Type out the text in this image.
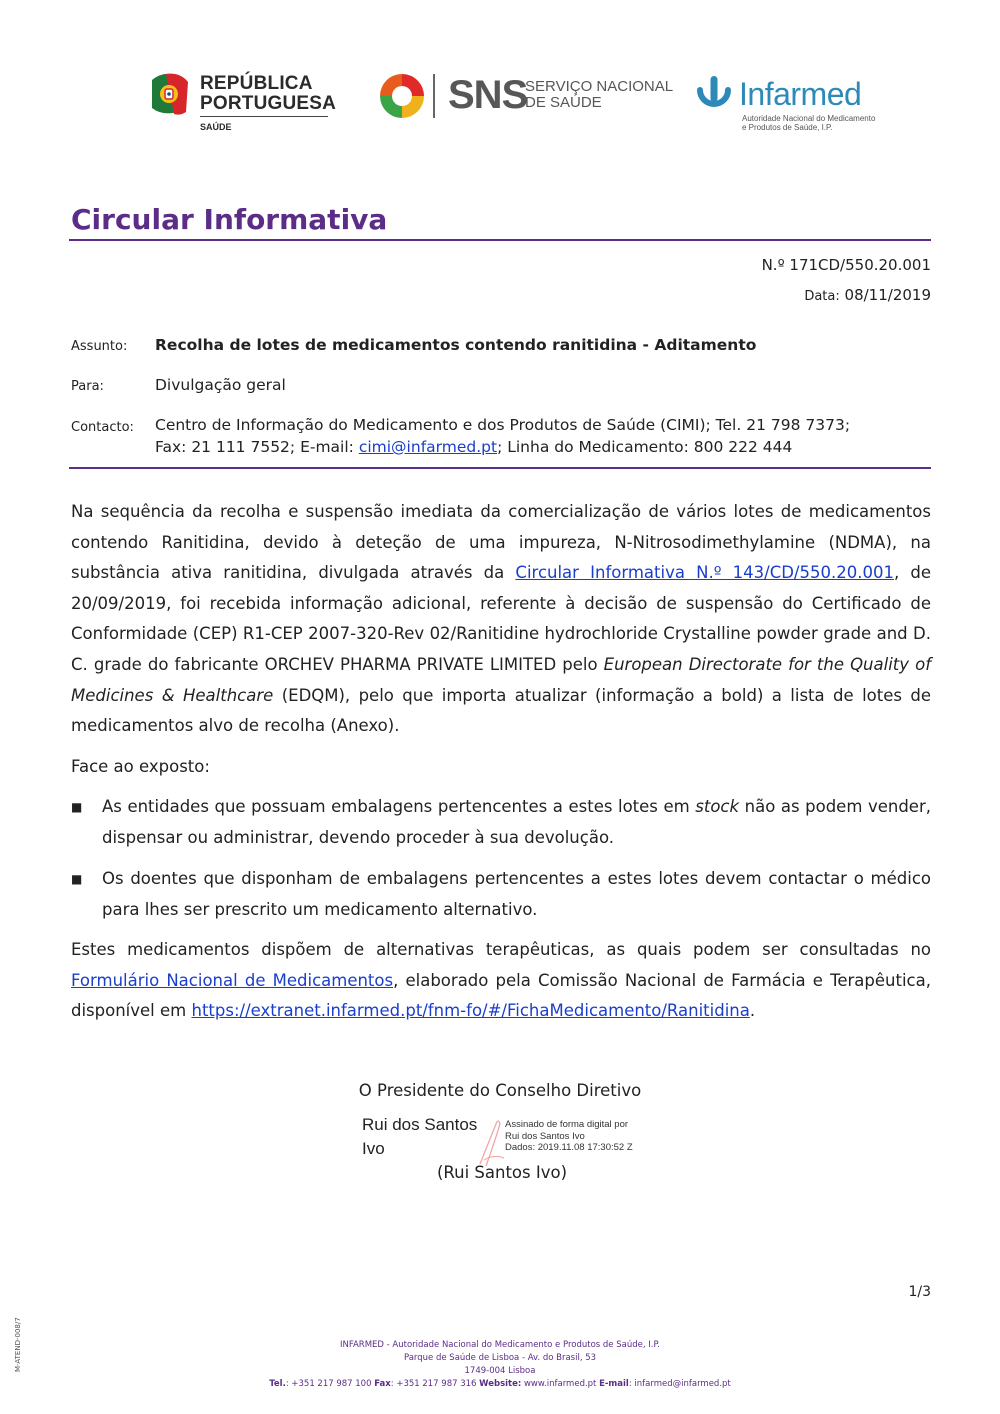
REPÚBLICA
PORTUGUESA
SAÚDE
SNS
SERVIÇO NACIONAL
DE SAÚDE	Infarmed
Autoridade Nacional do Medicamento
e Produtos de Saúde, I.P.
Circular Informativa
N.º 171CD/550.20.001
Data: 08/11/2019
Assunto: Recolha de lotes de medicamentos contendo ranitidina - Aditamento
Para:	Divulgação geral
Contacto: Centro de Informação do Medicamento e dos Produtos de Saúde (CIMI); Tel. 21 798 7373;
Fax: 21 111 7552; E-mail: cimi@infarmed.pt; Linha do Medicamento: 800 222 444
Na sequência da recolha e suspensão imediata da comercialização de vários lotes de medicamentos contendo Ranitidina, devido à deteção de uma impureza, N-Nitrosodimethylamine (NDMA), na substância ativa ranitidina, divulgada através da Circular Informativa N.º 143/CD/550.20.001, de 20/09/2019, foi recebida informação adicional, referente à decisão de suspensão do Certificado de Conformidade (CEP) R1-CEP 2007-320-Rev 02/Ranitidine hydrochloride Crystalline powder grade and D. C. grade do fabricante ORCHEV PHARMA PRIVATE LIMITED pelo European Directorate for the Quality of Medicines & Healthcare (EDQM), pelo que importa atualizar (informação a bold) a lista de lotes de medicamentos alvo de recolha (Anexo).
Face ao exposto:
■ As entidades que possuam embalagens pertencentes a estes lotes em stock não as podem vender, dispensar ou administrar, devendo proceder à sua devolução.
■ Os doentes que disponham de embalagens pertencentes a estes lotes devem contactar o médico para lhes ser prescrito um medicamento alternativo.
Estes medicamentos dispõem de alternativas terapêuticas, as quais podem ser consultadas no Formulário Nacional de Medicamentos, elaborado pela Comissão Nacional de Farmácia e Terapêutica, disponível em https://extranet.infarmed.pt/fnm-fo/#/FichaMedicamento/Ranitidina.
O Presidente do Conselho Diretivo
Rui dos Santos
Ivo
Assinado de forma digital por
Rui dos Santos Ivo
Dados: 2019.11.08 17:30:52 Z
(Rui Santos Ivo)
1/3
M-ATEND-008/7	INFARMED - Autoridade Nacional do Medicamento e Produtos de Saúde, I.P.
Parque de Saúde de Lisboa - Av. do Brasil, 53
1749-004 Lisboa
Tel.: +351 217 987 100 Fax: +351 217 987 316 Website: www.infarmed.pt E-mail: infarmed@infarmed.pt
